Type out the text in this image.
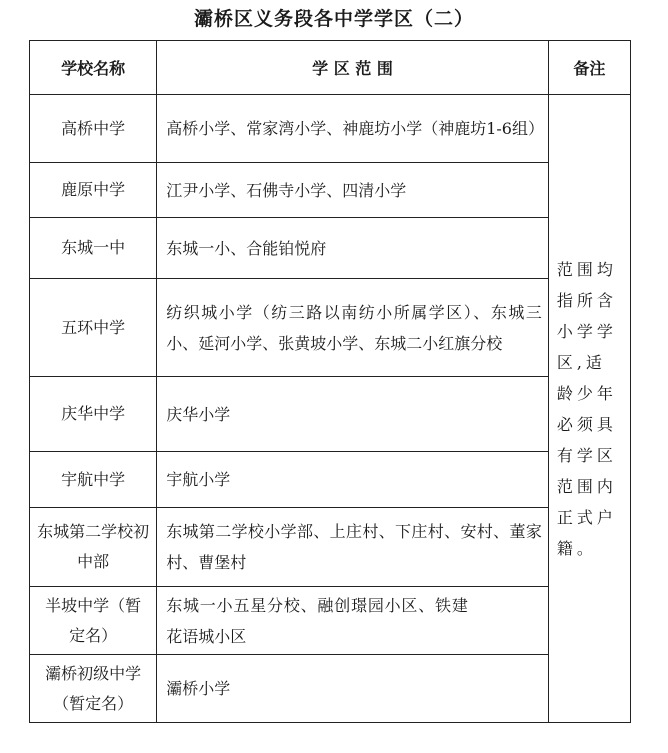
灞桥区义务段各中学学区（二）
学校名称	学 区 范 围	备注
高桥中学	高桥小学、常家湾小学、神鹿坊小学（神鹿坊1-6组）	范围均指所含小学学区,适龄少年必须具有学区范围内正式户籍。
鹿原中学	江尹小学、石佛寺小学、四清小学	
东城一中	东城一小、合能铂悦府	
五环中学	纺织城小学（纺三路以南纺小所属学区）、东城三小、延河小学、张黄坡小学、东城二小红旗分校	
庆华中学	庆华小学	
宇航中学	宇航小学	
东城第二学校初中部	东城第二学校小学部、上庄村、下庄村、安村、董家村、曹堡村	
半坡中学（暂定名）	东城一小五星分校、融创璟园小区、铁建花语城小区	
灞桥初级中学（暂定名）	灞桥小学	
